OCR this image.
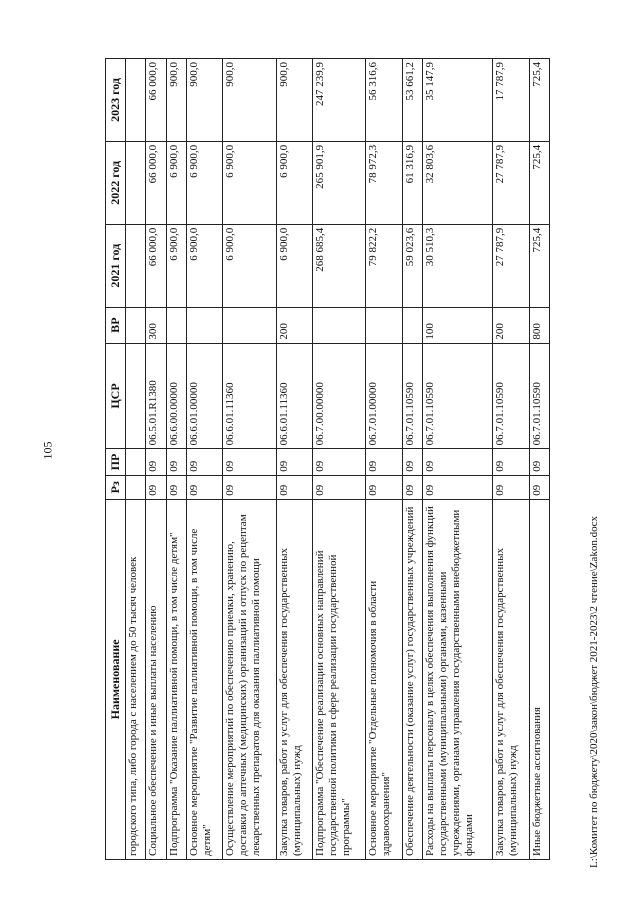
105
Наименование	Рз	ПР	ЦСР	ВР	2021 год	2022 год	2023 год
городского типа, либо города с населением до 50 тысяч человек							
Социальное обеспечение и иные выплаты населению	09	09	06.5.01.R1380	300	66 000,0	66 000,0	66 000,0
Подпрограмма "Оказание паллиативной помощи, в том числе детям"	09	09	06.6.00.00000		6 900,0	6 900,0	900,0
Основное мероприятие "Развитие паллиативной помощи, в том числе детям"	09	09	06.6.01.00000		6 900,0	6 900,0	900,0
Осуществление мероприятий по обеспечению приемки, хранению, доставки до аптечных (медицинских) организаций и отпуск по рецептам лекарственных препаратов для оказания паллиативной помощи	09	09	06.6.01.11360		6 900,0	6 900,0	900,0
Закупка товаров, работ и услуг для обеспечения государственных (муниципальных) нужд	09	09	06.6.01.11360	200	6 900,0	6 900,0	900,0
Подпрограмма "Обеспечение реализации основных направлений государственной политики в сфере реализации государственной программы"	09	09	06.7.00.00000		268 685,4	265 901,9	247 239,9
Основное мероприятие "Отдельные полномочия в области здравоохранения"	09	09	06.7.01.00000		79 822,2	78 972,3	56 316,6
Обеспечение деятельности (оказание услуг) государственных учреждений	09	09	06.7.01.10590		59 023,6	61 316,9	53 661,2
Расходы на выплаты персоналу в целях обеспечения выполнения функций государственными (муниципальными) органами, казенными учреждениями, органами управления государственными внебюджетными фондами	09	09	06.7.01.10590	100	30 510,3	32 803,6	35 147,9
Закупка товаров, работ и услуг для обеспечения государственных (муниципальных) нужд	09	09	06.7.01.10590	200	27 787,9	27 787,9	17 787,9
Иные бюджетные ассигнования	09	09	06.7.01.10590	800	725,4	725,4	725,4
L:\Комитет по бюджету\2020\закон\бюджет 2021-2023\2 чтение\Zakon.docx
